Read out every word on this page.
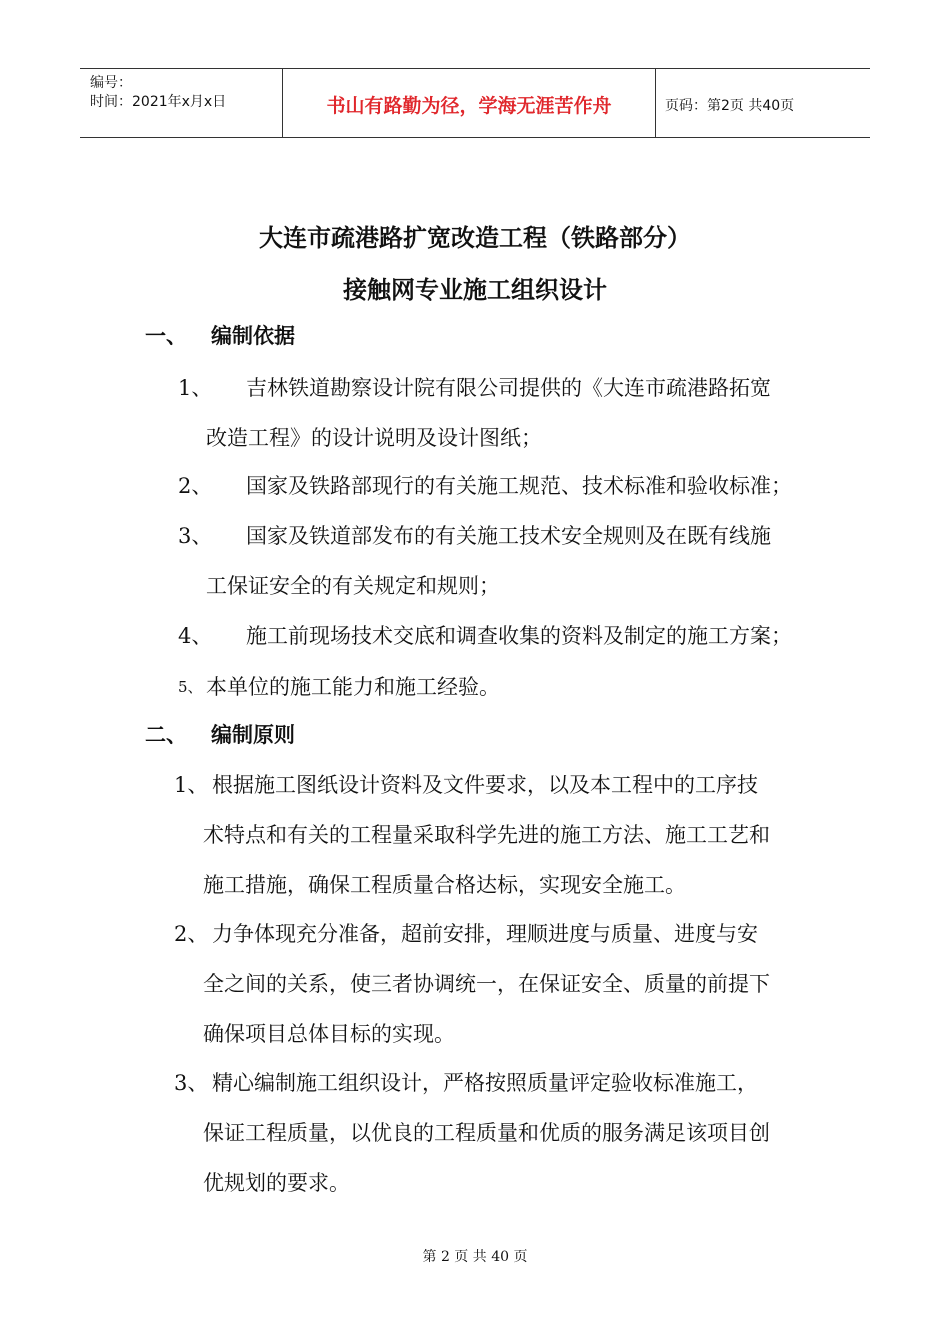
编号：
时间：2021年x月x日	书山有路勤为径，学海无涯苦作舟	页码：第2页 共40页
大连市疏港路扩宽改造工程（铁路部分）
接触网专业施工组织设计
一、 编制依据
1、 吉林铁道勘察设计院有限公司提供的《大连市疏港路拓宽
改造工程》的设计说明及设计图纸；
2、 国家及铁路部现行的有关施工规范、技术标准和验收标准；
3、 国家及铁道部发布的有关施工技术安全规则及在既有线施
工保证安全的有关规定和规则；
4、 施工前现场技术交底和调查收集的资料及制定的施工方案；
5、 本单位的施工能力和施工经验。
二、 编制原则
1、 根据施工图纸设计资料及文件要求，以及本工程中的工序技
术特点和有关的工程量采取科学先进的施工方法、施工工艺和
施工措施，确保工程质量合格达标，实现安全施工。
2、 力争体现充分准备，超前安排，理顺进度与质量、进度与安
全之间的关系，使三者协调统一，在保证安全、质量的前提下
确保项目总体目标的实现。
3、 精心编制施工组织设计，严格按照质量评定验收标准施工，
保证工程质量，以优良的工程质量和优质的服务满足该项目创
优规划的要求。
第 2 页 共 40 页
